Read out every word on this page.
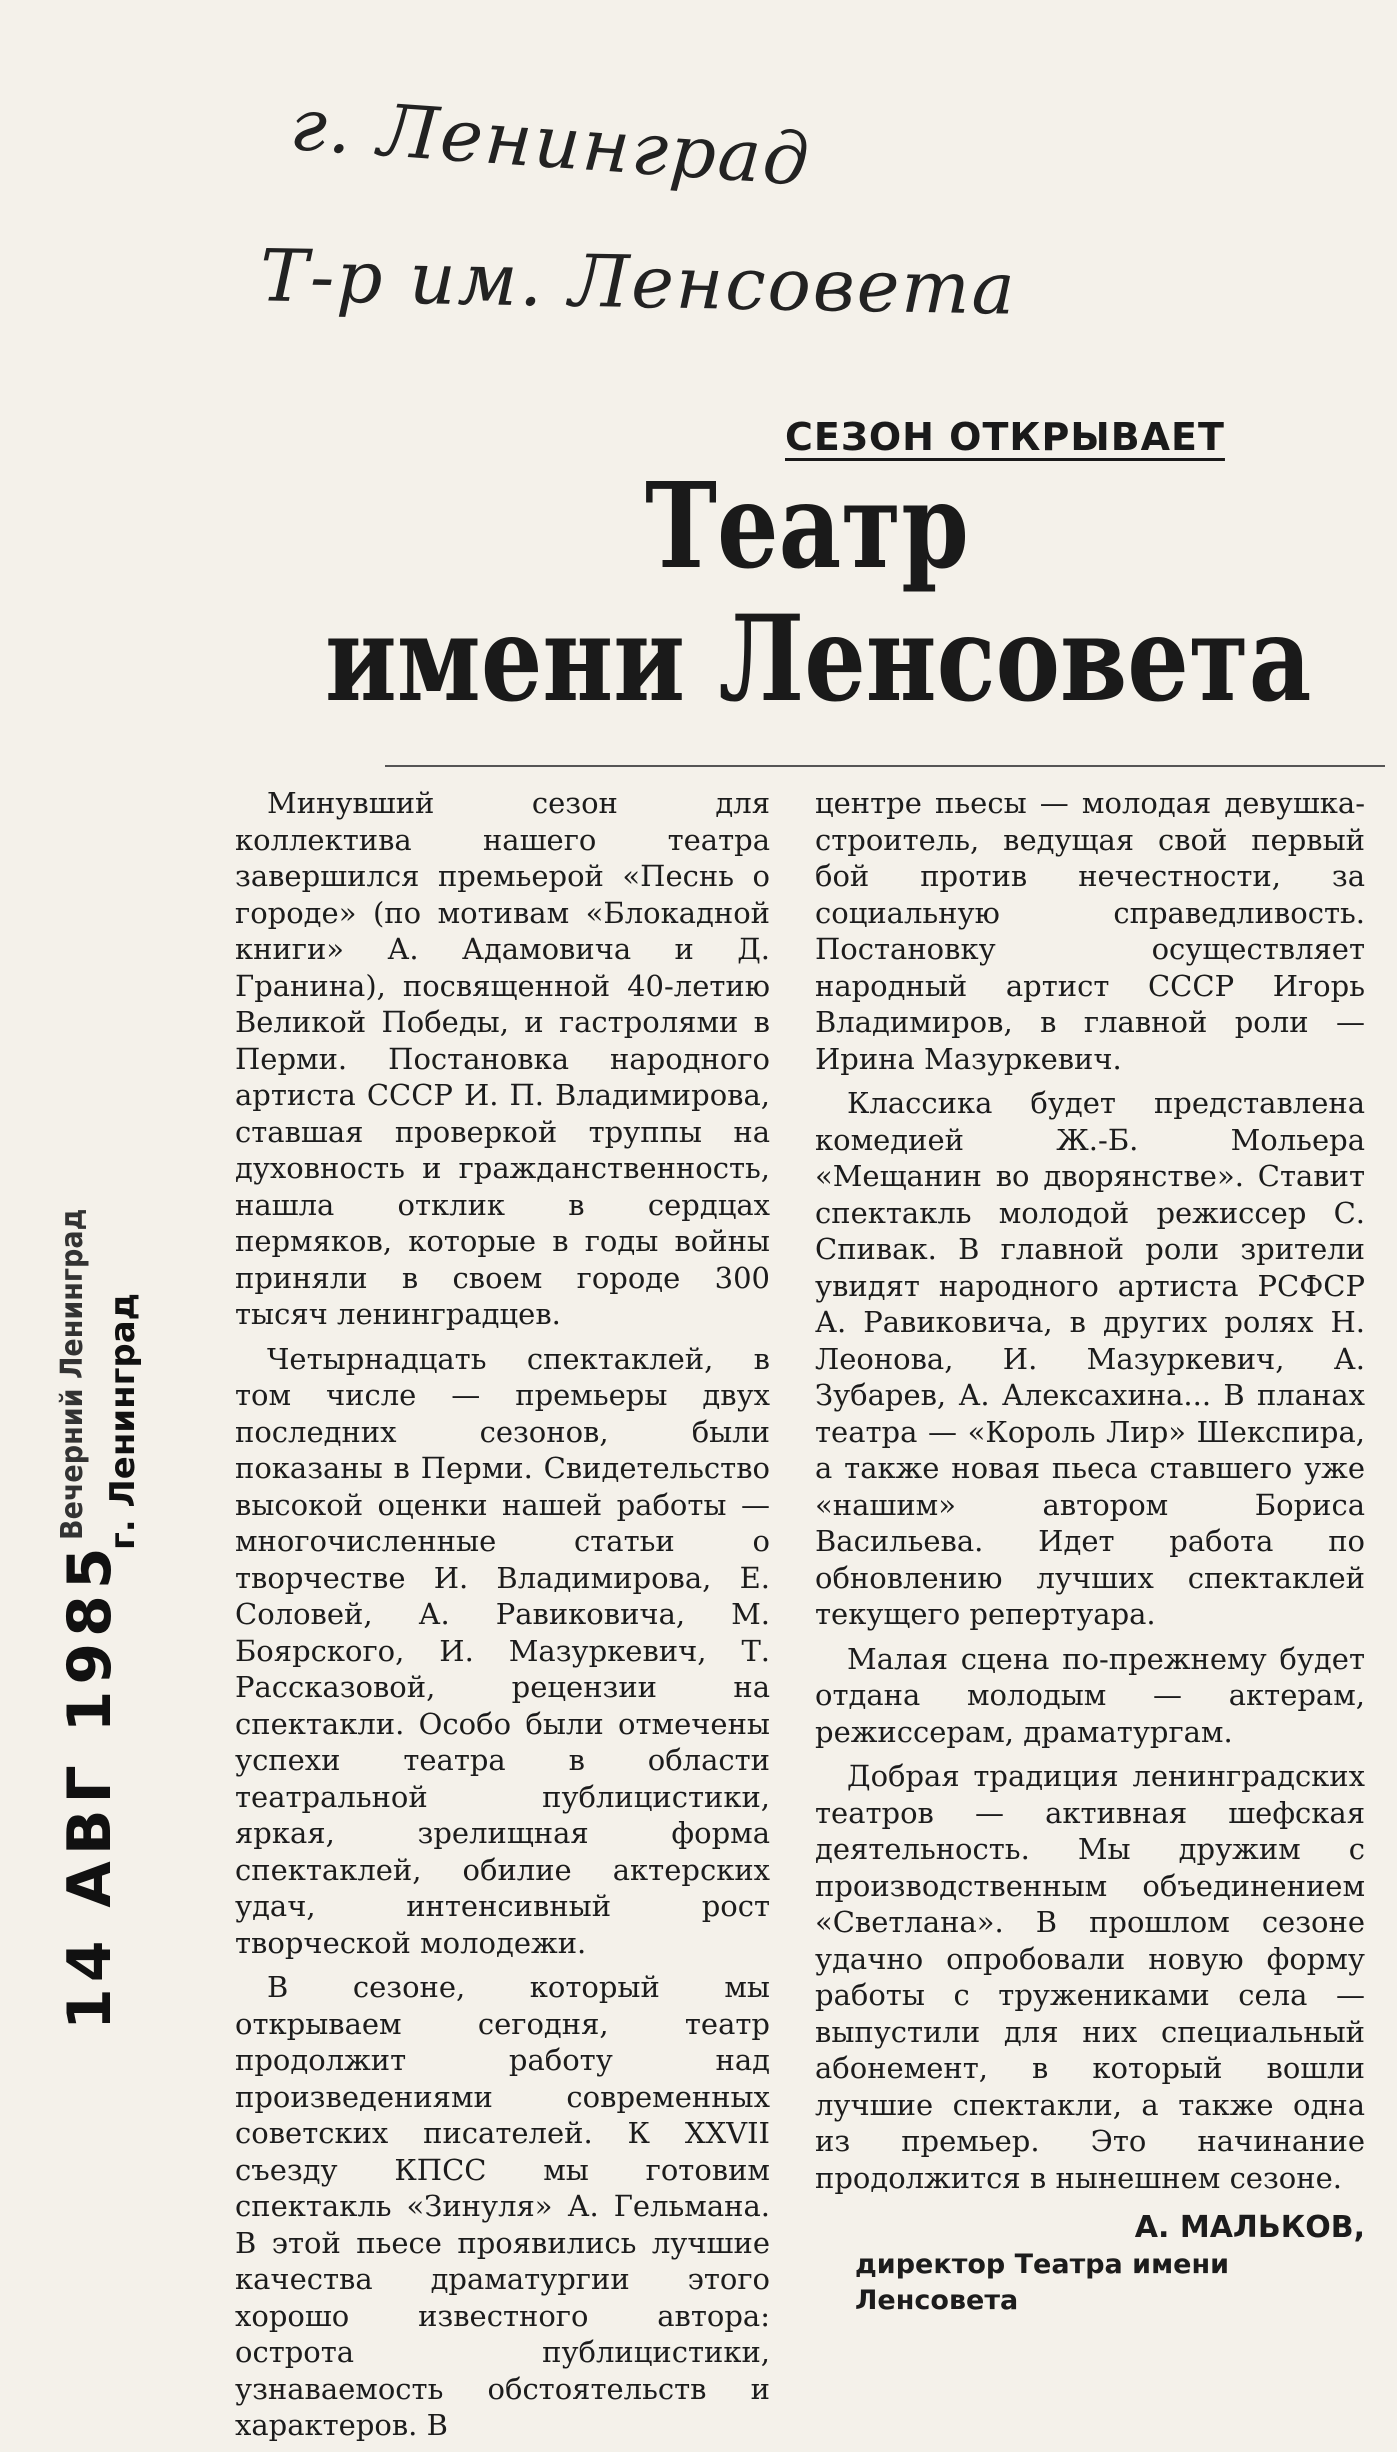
г. Ленинград
Т-р им. Ленсовета
14 АВГ 1985
Вечерний Ленинград г. Ленинград
СЕЗОН ОТКРЫВАЕТ
Театр
имени Ленсовета

Минувший сезон для коллектива нашего театра завершился премьерой «Песнь о городе» (по мотивам «Блокадной книги» А. Адамовича и Д. Гранина), посвященной 40-летию Великой Победы, и гастролями в Перми. Постановка народного артиста СССР И. П. Владимирова, ставшая проверкой труппы на духовность и гражданственность, нашла отклик в сердцах пермяков, которые в годы войны приняли в своем городе 300 тысяч ленинградцев.

Четырнадцать спектаклей, в том числе — премьеры двух последних сезонов, были показаны в Перми. Свидетельство высокой оценки нашей работы — многочисленные статьи о творчестве И. Владимирова, Е. Соловей, А. Равиковича, М. Боярского, И. Мазуркевич, Т. Рассказовой, рецензии на спектакли. Особо были отмечены успехи театра в области театральной публицистики, яркая, зрелищная форма спектаклей, обилие актерских удач, интенсивный рост творческой молодежи.

В сезоне, который мы открываем сегодня, театр продолжит работу над произведениями современных советских писателей. К XXVII съезду КПСС мы готовим спектакль «Зинуля» А. Гельмана. В этой пьесе проявились лучшие качества драматургии этого хорошо известного автора: острота публицистики, узнаваемость обстоятельств и характеров. В

центре пьесы — молодая девушка-строитель, ведущая свой первый бой против нечестности, за социальную справедливость. Постановку осуществляет народный артист СССР Игорь Владимиров, в главной роли — Ирина Мазуркевич.

Классика будет представлена комедией Ж.-Б. Мольера «Мещанин во дворянстве». Ставит спектакль молодой режиссер С. Спивак. В главной роли зрители увидят народного артиста РСФСР А. Равиковича, в других ролях Н. Леонова, И. Мазуркевич, А. Зубарев, А. Алексахина... В планах театра — «Король Лир» Шекспира, а также новая пьеса ставшего уже «нашим» автором Бориса Васильева. Идет работа по обновлению лучших спектаклей текущего репертуара.

Малая сцена по-прежнему будет отдана молодым — актерам, режиссерам, драматургам.

Добрая традиция ленинградских театров — активная шефская деятельность. Мы дружим с производственным объединением «Светлана». В прошлом сезоне удачно опробовали новую форму работы с тружениками села — выпустили для них специальный абонемент, в который вошли лучшие спектакли, а также одна из премьер. Это начинание продолжится в нынешнем сезоне.

А. МАЛЬКОВ,
директор Театра имени Ленсовета
